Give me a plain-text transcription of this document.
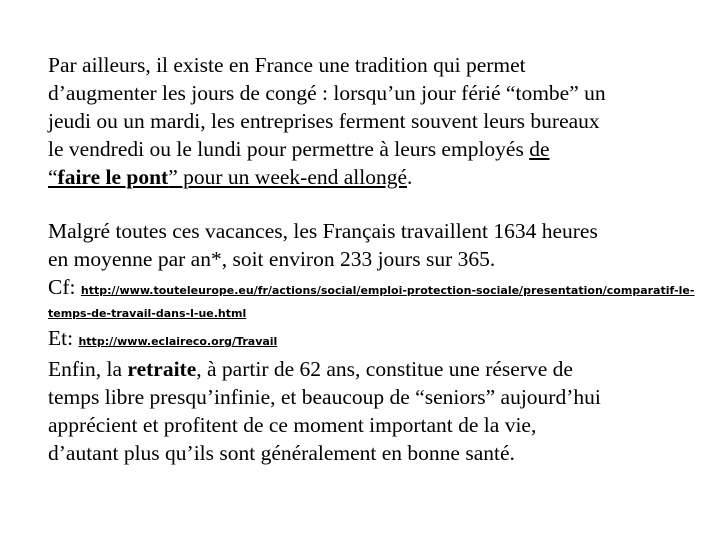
Par ailleurs, il existe en France une tradition qui permet
d’augmenter les jours de congé : lorsqu’un jour férié “tombe” un
jeudi ou un mardi, les entreprises ferment souvent leurs bureaux
le vendredi ou le lundi pour permettre à leurs employés de
“faire le pont” pour un week-end allongé.
Malgré toutes ces vacances, les Français travaillent 1634 heures
en moyenne par an*, soit environ 233 jours sur 365.
Cf: http://www.touteleurope.eu/fr/actions/social/emploi-protection-sociale/presentation/comparatif-le-
temps-de-travail-dans-l-ue.html
Et: http://www.eclaireco.org/Travail
Enfin, la retraite, à partir de 62 ans, constitue une réserve de
temps libre presqu’infinie, et beaucoup de “seniors” aujourd’hui
apprécient et profitent de ce moment important de la vie,
d’autant plus qu’ils sont généralement en bonne santé.
